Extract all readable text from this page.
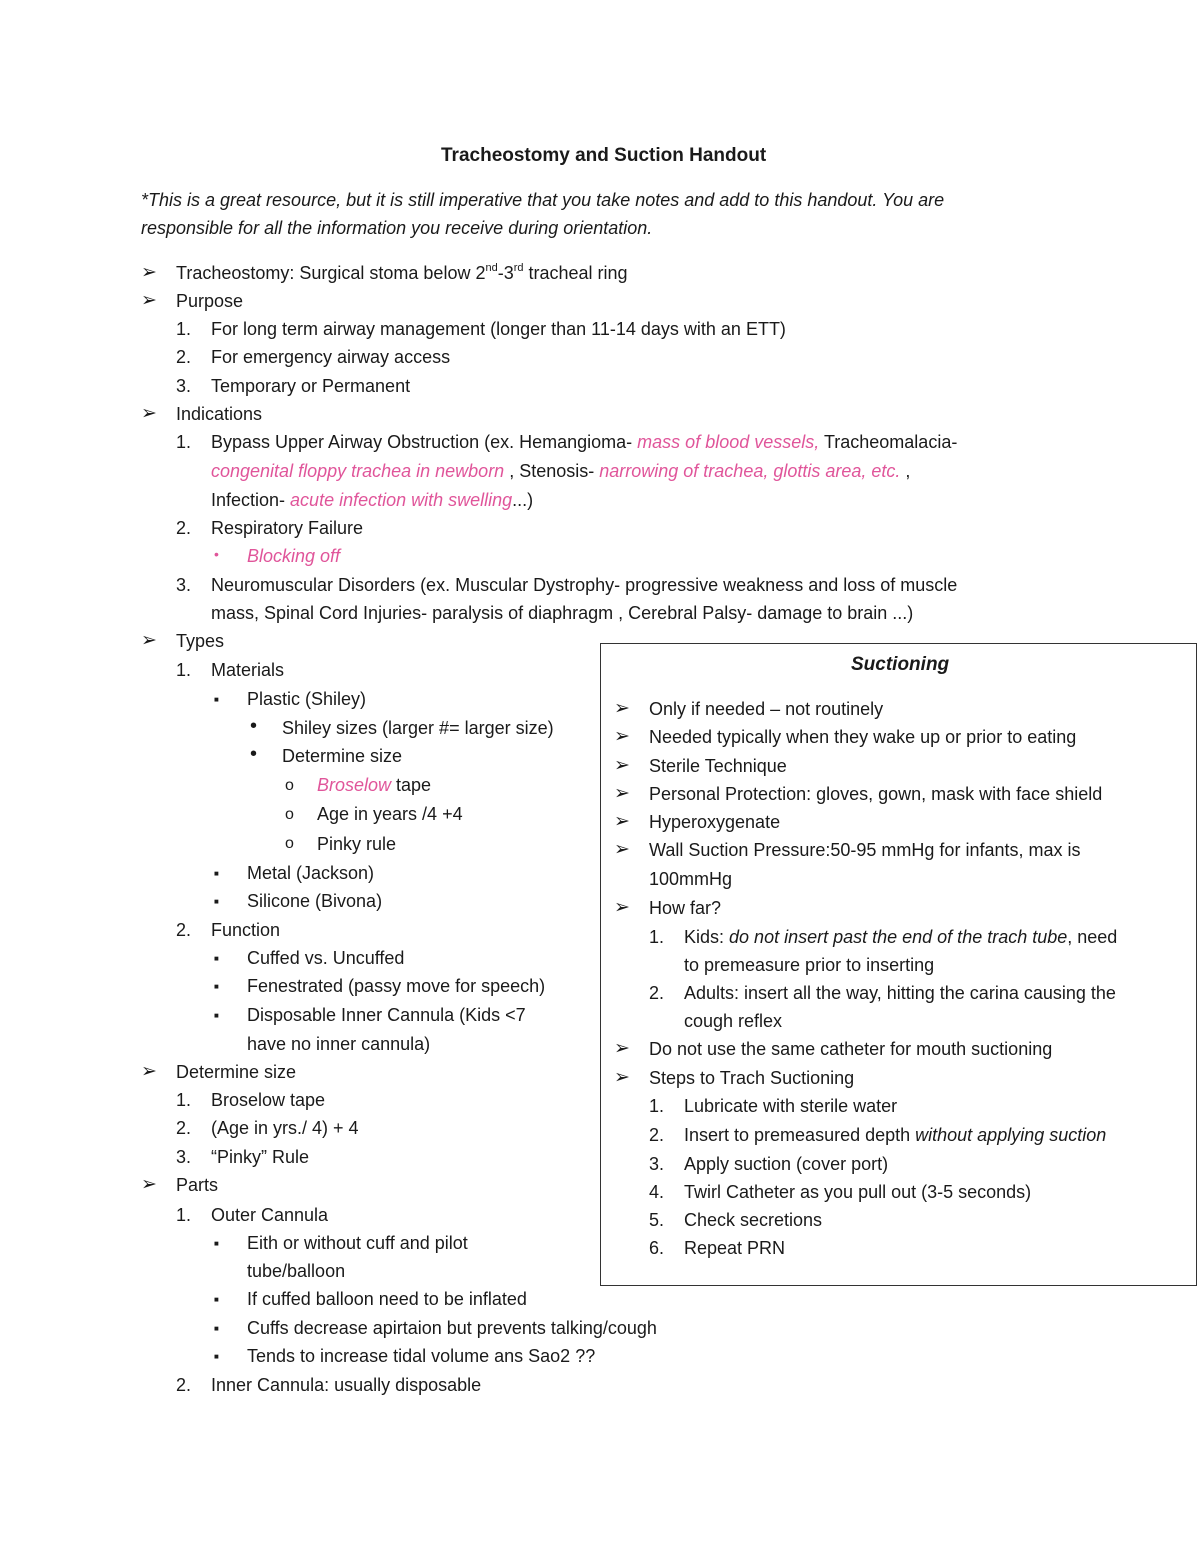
Tracheostomy and Suction Handout
*This is a great resource, but it is still imperative that you take notes and add to this handout. You are
responsible for all the information you receive during orientation.
➢ Tracheostomy: Surgical stoma below 2nd-3rd tracheal ring
➢ Purpose
1. For long term airway management (longer than 11-14 days with an ETT)
2. For emergency airway access
3. Temporary or Permanent
➢ Indications
1. Bypass Upper Airway Obstruction (ex. Hemangioma- mass of blood vessels, Tracheomalacia-
congenital floppy trachea in newborn , Stenosis- narrowing of trachea, glottis area, etc. ,
Infection- acute infection with swelling...)
2. Respiratory Failure
• Blocking off
3. Neuromuscular Disorders (ex. Muscular Dystrophy- progressive weakness and loss of muscle
mass, Spinal Cord Injuries- paralysis of diaphragm , Cerebral Palsy- damage to brain ...)
➢ Types
1. Materials
■ Plastic (Shiley)
• Shiley sizes (larger #= larger size)
• Determine size
o Broselow tape
o Age in years /4 +4
o Pinky rule
■ Metal (Jackson)
■ Silicone (Bivona)
2. Function
■ Cuffed vs. Uncuffed
■ Fenestrated (passy move for speech)
■ Disposable Inner Cannula (Kids <7
have no inner cannula)
➢ Determine size
1. Broselow tape
2. (Age in yrs./ 4) + 4
3. “Pinky” Rule
➢ Parts
1. Outer Cannula
■ Eith or without cuff and pilot
tube/balloon
■ If cuffed balloon need to be inflated
■ Cuffs decrease apirtaion but prevents talking/cough
■ Tends to increase tidal volume ans Sao2 ??
2. Inner Cannula: usually disposable
Suctioning
➢ Only if needed – not routinely
➢ Needed typically when they wake up or prior to eating
➢ Sterile Technique
➢ Personal Protection: gloves, gown, mask with face shield
➢ Hyperoxygenate
➢ Wall Suction Pressure:50-95 mmHg for infants, max is
100mmHg
➢ How far?
1. Kids: do not insert past the end of the trach tube, need
to premeasure prior to inserting
2. Adults: insert all the way, hitting the carina causing the
cough reflex
➢ Do not use the same catheter for mouth suctioning
➢ Steps to Trach Suctioning
1. Lubricate with sterile water
2. Insert to premeasured depth without applying suction
3. Apply suction (cover port)
4. Twirl Catheter as you pull out (3-5 seconds)
5. Check secretions
6. Repeat PRN
